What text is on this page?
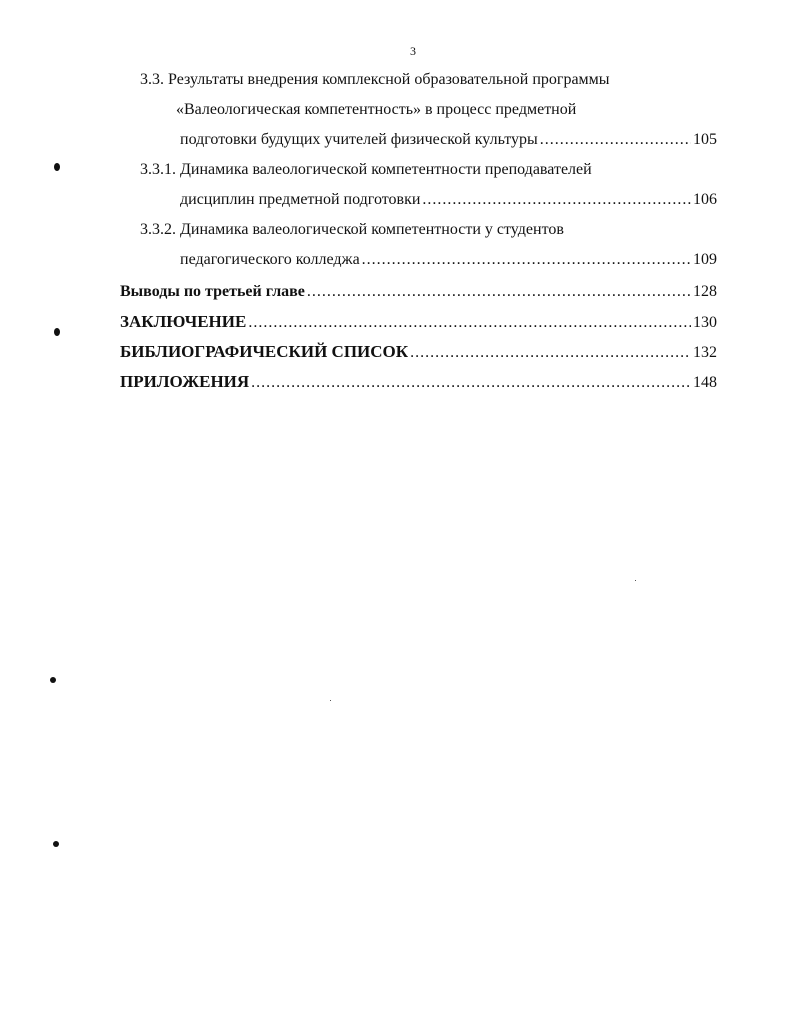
3
3.3. Результаты внедрения комплексной образовательной программы
«Валеологическая компетентность» в процесс предметной
подготовки будущих учителей физической культуры .....	105
3.3.1. Динамика валеологической компетентности преподавателей
дисциплин предметной подготовки .....	106
3.3.2. Динамика валеологической компетентности у студентов
педагогического колледжа .....	109
Выводы по третьей главе .....	128
ЗАКЛЮЧЕНИЕ .....	130
БИБЛИОГРАФИЧЕСКИЙ СПИСОК .....	132
ПРИЛОЖЕНИЯ .....	148
